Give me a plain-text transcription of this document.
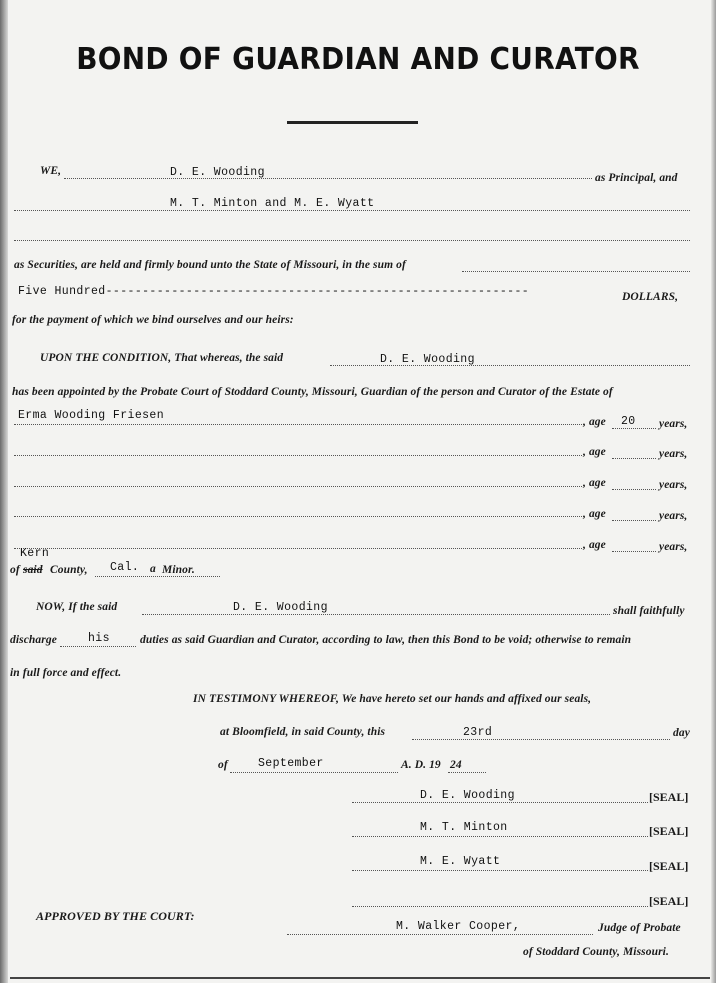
BOND OF GUARDIAN AND CURATOR
WE,	D. E. Wooding	as Principal, and
M. T. Minton and M. E. Wyatt
as Securities, are held and firmly bound unto the State of Missouri, in the sum of
Five Hundred----------------------------------------------------------	DOLLARS,
for the payment of which we bind ourselves and our heirs:
UPON THE CONDITION, That whereas, the said	D. E. Wooding
has been appointed by the Probate Court of Stoddard County, Missouri, Guardian of the person and Curator of the Estate of
Erma Wooding Friesen	, age 20 years,
, age	years,
, age	years,
, age	years,
, age	years,
Kern
of said County, Cal. a Minor.
NOW, If the said	D. E. Wooding	shall faithfully
discharge	his	duties as said Guardian and Curator, according to law, then this Bond to be void; otherwise to remain
in full force and effect.
IN TESTIMONY WHEREOF, We have hereto set our hands and affixed our seals,
at Bloomfield, in said County, this	23rd	day
of	September	A. D. 19 24
D. E. Wooding	[SEAL]
M. T. Minton	[SEAL]
M. E. Wyatt	[SEAL]
[SEAL]
APPROVED BY THE COURT:
M. Walker Cooper,	Judge of Probate
of Stoddard County, Missouri.
